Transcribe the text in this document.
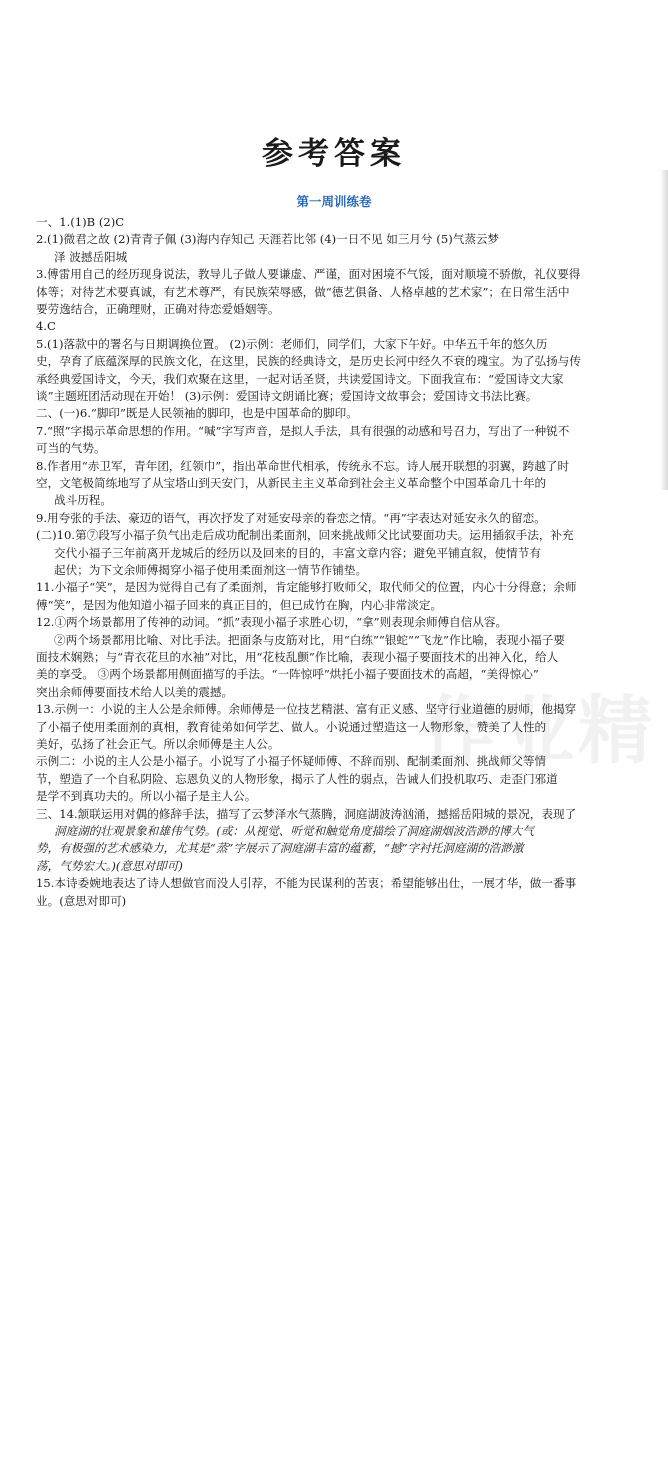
参考答案
作业精
第一周训练卷
一、1.(1)B (2)C
2.(1)微君之故 (2)青青子佩 (3)海内存知己 天涯若比邻 (4)一日不见 如三月兮 (5)气蒸云梦
泽 波撼岳阳城
3.傅雷用自己的经历现身说法，教导儿子做人要谦虚、严谨，面对困境不气馁，面对顺境不骄傲，礼仪要得
体等；对待艺术要真诚，有艺术尊严，有民族荣辱感，做“德艺俱备、人格卓越的艺术家”；在日常生活中
要劳逸结合，正确理财，正确对待恋爱婚姻等。
4.C
5.(1)落款中的署名与日期调换位置。 (2)示例：老师们，同学们，大家下午好。中华五千年的悠久历
史，孕育了底蕴深厚的民族文化，在这里，民族的经典诗文，是历史长河中经久不衰的瑰宝。为了弘扬与传
承经典爱国诗文，今天，我们欢聚在这里，一起对话圣贤，共读爱国诗文。下面我宣布：“爱国诗文大家
谈”主题班团活动现在开始！ (3)示例：爱国诗文朗诵比赛；爱国诗文故事会；爱国诗文书法比赛。
二、(一)6.“脚印”既是人民领袖的脚印，也是中国革命的脚印。
7.“照”字揭示革命思想的作用。“喊”字写声音，是拟人手法，具有很强的动感和号召力，写出了一种锐不
可当的气势。
8.作者用“赤卫军，青年团，红领巾”，指出革命世代相承，传统永不忘。诗人展开联想的羽翼，跨越了时
空，文笔极简练地写了从宝塔山到天安门，从新民主主义革命到社会主义革命整个中国革命几十年的
战斗历程。
9.用夸张的手法、豪迈的语气，再次抒发了对延安母亲的眷恋之情。“再”字表达对延安永久的留恋。
(二)10.第⑦段写小福子负气出走后成功配制出柔面剂，回来挑战师父比试要面功夫。运用插叙手法，补充
交代小福子三年前离开龙城后的经历以及回来的目的，丰富文章内容；避免平铺直叙，使情节有
起伏；为下文余师傅揭穿小福子使用柔面剂这一情节作铺垫。
11.小福子“笑”，是因为觉得自己有了柔面剂，肯定能够打败师父，取代师父的位置，内心十分得意；余师
傅“笑”，是因为他知道小福子回来的真正目的，但已成竹在胸，内心非常淡定。
12.①两个场景都用了传神的动词。“抓”表现小福子求胜心切，“拿”则表现余师傅自信从容。
②两个场景都用比喻、对比手法。把面条与皮筋对比，用“白练”“银蛇”“飞龙”作比喻，表现小福子要
面技术娴熟；与“青衣花旦的水袖”对比，用“花枝乱颤”作比喻，表现小福子要面技术的出神入化，给人
美的享受。 ③两个场景都用侧面描写的手法。“一阵惊呼”烘托小福子要面技术的高超，“美得惊心”
突出余师傅要面技术给人以美的震撼。
13.示例一：小说的主人公是余师傅。余师傅是一位技艺精湛、富有正义感、坚守行业道德的厨师，他揭穿
了小福子使用柔面剂的真相，教育徒弟如何学艺、做人。小说通过塑造这一人物形象，赞美了人性的
美好，弘扬了社会正气。所以余师傅是主人公。
示例二：小说的主人公是小福子。小说写了小福子怀疑师傅、不辞而别、配制柔面剂、挑战师父等情
节，塑造了一个自私阴险、忘恩负义的人物形象，揭示了人性的弱点，告诫人们投机取巧、走歪门邪道
是学不到真功夫的。所以小福子是主人公。
三、14.颔联运用对偶的修辞手法，描写了云梦泽水气蒸腾，洞庭湖波涛汹涌，撼摇岳阳城的景况，表现了
洞庭湖的壮观景象和雄伟气势。(或：从视觉、听觉和触觉角度描绘了洞庭湖烟波浩渺的博大气
势，有极强的艺术感染力，尤其是“蒸”字展示了洞庭湖丰富的蕴蓄，“撼”字衬托洞庭湖的浩渺激
荡，气势宏大。)(意思对即可)
15.本诗委婉地表达了诗人想做官而没人引荐，不能为民谋利的苦衷；希望能够出仕，一展才华，做一番事
业。(意思对即可)
